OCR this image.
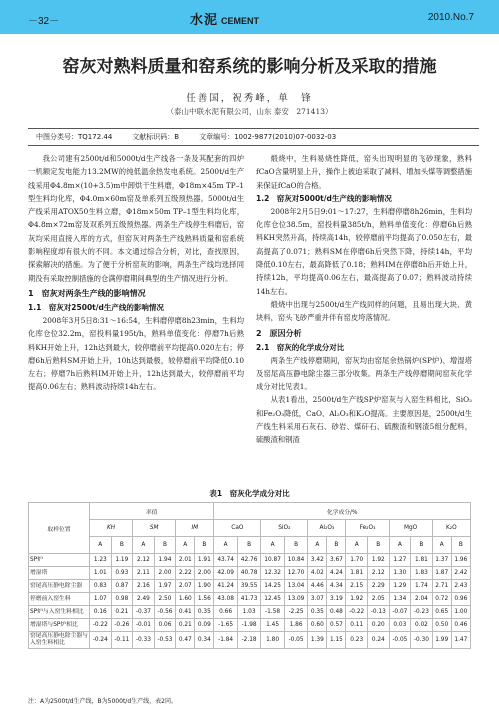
－32－	水泥 CEMENT	2010.No.7
窑灰对熟料质量和窑系统的影响分析及采取的措施
任善国，祝秀峰，单　锋
（泰山中联水泥有限公司，山东 泰安　271413）
中图分类号：TQ172.44	文献标识码：B	文章编号：1002-9877(2010)07-0032-03

我公司建有2500t/d和5000t/d生产线各一条及其配套的四炉一机额定发电能力13.2MW的纯低温余热发电系统。2500t/d生产线采用Φ4.8m×(10+3.5)m中卸烘干生料磨，Φ18m×45m TP–1型生料均化库，Φ4.0m×60m窑及单系列五级预热器。5000t/d生产线采用ATOX50生料立磨，Φ18m×50m TP–1型生料均化库，Φ4.8m×72m窑及双系列五级预热器。两条生产线停生料磨后，窑灰均采用直接入库的方式，但窑灰对两条生产线熟料质量和窑系统影响程度却有很大的不同。本文通过综合分析，对比，查找原因，探索解决的措施。为了便于分析窑灰的影响，两条生产线均选择同期没有采取控制措施的仓满停磨期间典型的生产情况进行分析。

1　窑灰对两条生产线的影响情况
1.1　窑灰对2500t/d生产线的影响情况

2008年3月5日8:31～16:54，生料磨停磨8h23min，生料均化库仓位32.2m，窑投料量195t/h，熟料单值变化：停磨7h后熟料KH开始上升，12h达到最大，较停磨前平均提高0.020左右；停磨6h后熟料SM开始上升，10h达到最极，较停磨前平均降低0.10左右；停磨7h后熟料IM开始上升，12h达到最大，较停磨前平均提高0.06左右；熟料波动持续14h左右。

煅烧中，生料易烧性降低，窑头出现明显的飞砂现象，熟料fCaO含量明显上升，操作上被迫采取了减料、增加头煤等调整措施来保证fCaO的合格。

1.2　窑灰对5000t/d生产线的影响情况

2008年2月5日9:01～17:27，生料磨停磨8h26min，生料均化库仓位38.5m，窑投料量385t/h，熟料单值变化：停磨6h后熟料KH突然升高，持续高14h，较停磨前平均提高了0.050左右，最高提高了0.071；熟料SM在停磨6h后突然下降，持续14h，平均降低0.10左右，最高降低了0.18；熟料IM在停磨8h后开始上升，持续12h，平均提高0.06左右，最高提高了0.07；熟料波动持续14h左右。

煅烧中出现与2500t/d生产线同样的问题，且易出现大块、黄块料，窑头飞砂严重并伴有窑皮垮落情况。

2　原因分析
2.1　窑灰的化学成分对比

两条生产线停磨期间，窑灰均由窑尾余热锅炉(SP炉)、增湿塔及窑尾高压静电除尘器三部分收集。两条生产线停磨期间窑灰化学成分对比见表1。

从表1看出，2500t/d生产线SP炉窑灰与入窑生料相比，SiO₂和Fe₂O₃降低，CaO、Al₂O₃和K₂O提高。主要原因是，2500t/d生产线生料采用石灰石、砂岩、煤矸石、硫酸渣和钢渣5组分配料，硫酸渣和钢渣

表1　窑灰化学成分对比
取样位置	率值						化学成分/%											
	KH		SM		IM		CaO		SiO₂		Al₂O₃		Fe₂O₃		MgO		K₂O	
	A	B	A	B	A	B	A	B	A	B	A	B	A	B	A	B	A	B
SP炉	1.23	1.19	2.12	1.94	2.01	1.91	43.74	42.76	10.87	10.84	3.42	3.67	1.70	1.92	1.27	1.81	1.37	1.96
增湿塔	1.01	0.93	2.11	2.00	2.22	2.00	42.09	40.78	12.32	12.70	4.02	4.24	1.81	2.12	1.30	1.83	1.87	2.42
窑尾高压静电除尘器	0.83	0.87	2.16	1.97	2.07	1.90	41.24	39.55	14.25	13.04	4.46	4.34	2.15	2.29	1.29	1.74	2.71	2.43
停磨前入窑生料	1.07	0.98	2.49	2.50	1.60	1.56	43.08	41.73	12.45	13.09	3.07	3.19	1.92	2.05	1.34	2.04	0.72	0.96
SP炉与入窑生料相比	0.16	0.21	-0.37	-0.56	0.41	0.35	0.66	1.03	-1.58	-2.25	0.35	0.48	-0.22	-0.13	-0.07	-0.23	0.65	1.00
增湿塔与SP炉相比	-0.22	-0.26	-0.01	0.06	0.21	0.09	-1.65	-1.98	1.45	1.86	0.60	0.57	0.11	0.20	0.03	0.02	0.50	0.46
窑尾高压静电除尘器与入窑生料相比	-0.24	-0.11	-0.33	-0.53	0.47	0.34	-1.84	-2.18	1.80	-0.05	1.39	1.15	0.23	0.24	-0.05	-0.30	1.99	1.47
注：A为2500t/d生产线，B为5000t/d生产线，表2同。
